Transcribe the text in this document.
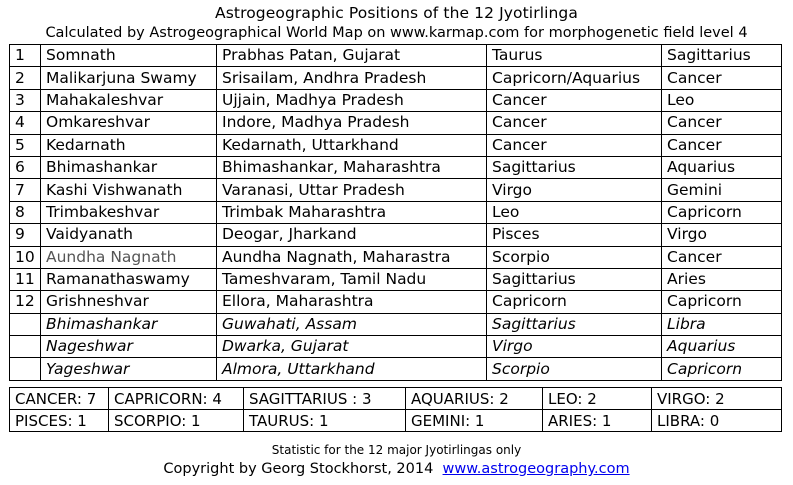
Astrogeographic Positions of the 12 Jyotirlinga
Calculated by Astrogeographical World Map on www.karmap.com for morphogenetic field level 4
1	Somnath	Prabhas Patan, Gujarat	Taurus	Sagittarius
2	Malikarjuna Swamy	Srisailam, Andhra Pradesh	Capricorn/Aquarius	Cancer
3	Mahakaleshvar	Ujjain, Madhya Pradesh	Cancer	Leo
4	Omkareshvar	Indore, Madhya Pradesh	Cancer	Cancer
5	Kedarnath	Kedarnath, Uttarkhand	Cancer	Cancer
6	Bhimashankar	Bhimashankar, Maharashtra	Sagittarius	Aquarius
7	Kashi Vishwanath	Varanasi, Uttar Pradesh	Virgo	Gemini
8	Trimbakeshvar	Trimbak Maharashtra	Leo	Capricorn
9	Vaidyanath	Deogar, Jharkand	Pisces	Virgo
10	Aundha Nagnath	Aundha Nagnath, Maharastra	Scorpio	Cancer
11	Ramanathaswamy	Tameshvaram, Tamil Nadu	Sagittarius	Aries
12	Grishneshvar	Ellora, Maharashtra	Capricorn	Capricorn
	Bhimashankar	Guwahati, Assam	Sagittarius	Libra
	Nageshwar	Dwarka, Gujarat	Virgo	Aquarius
	Yageshwar	Almora, Uttarkhand	Scorpio	Capricorn
CANCER: 7	CAPRICORN: 4	SAGITTARIUS : 3	AQUARIUS: 2	LEO: 2	VIRGO: 2
PISCES: 1	SCORPIO: 1	TAURUS: 1	GEMINI: 1	ARIES: 1	LIBRA: 0
Statistic for the 12 major Jyotirlingas only
Copyright by Georg Stockhorst, 2014 www.astrogeography.com
